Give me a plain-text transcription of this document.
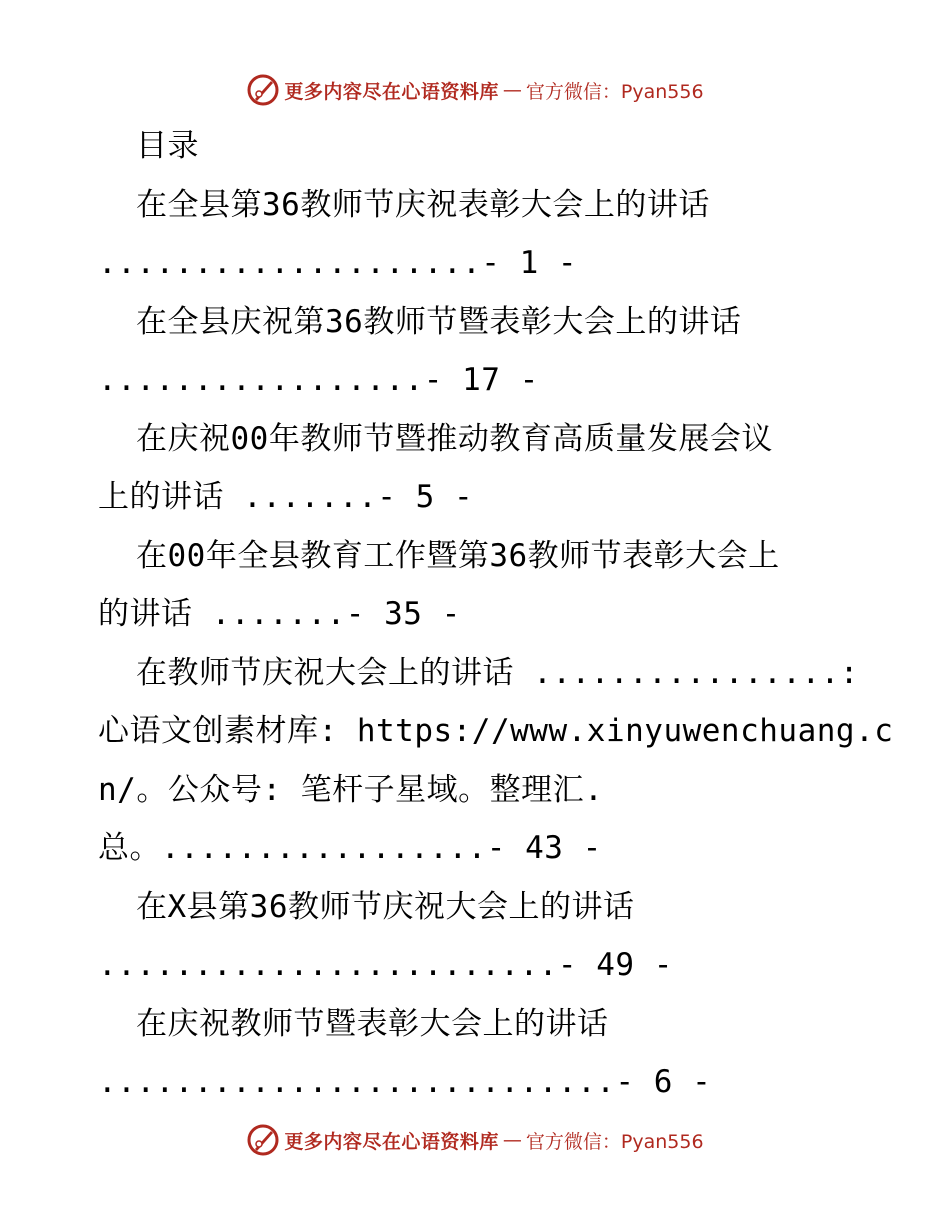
更多内容尽在心语资料库 — 官方微信：Pyan556
目录
在全县第36教师节庆祝表彰大会上的讲话
....................- 1 -
在全县庆祝第36教师节暨表彰大会上的讲话
.................- 17 -
在庆祝00年教师节暨推动教育高质量发展会议
上的讲话 .......- 5 -
在00年全县教育工作暨第36教师节表彰大会上
的讲话 .......- 35 -
在教师节庆祝大会上的讲话 ................:
心语文创素材库: https://www.xinyuwenchuang.c
n/。公众号: 笔杆子星域。整理汇.
总。.................- 43 -
在X县第36教师节庆祝大会上的讲话
........................- 49 -
在庆祝教师节暨表彰大会上的讲话
...........................- 6 -
更多内容尽在心语资料库 — 官方微信：Pyan556
